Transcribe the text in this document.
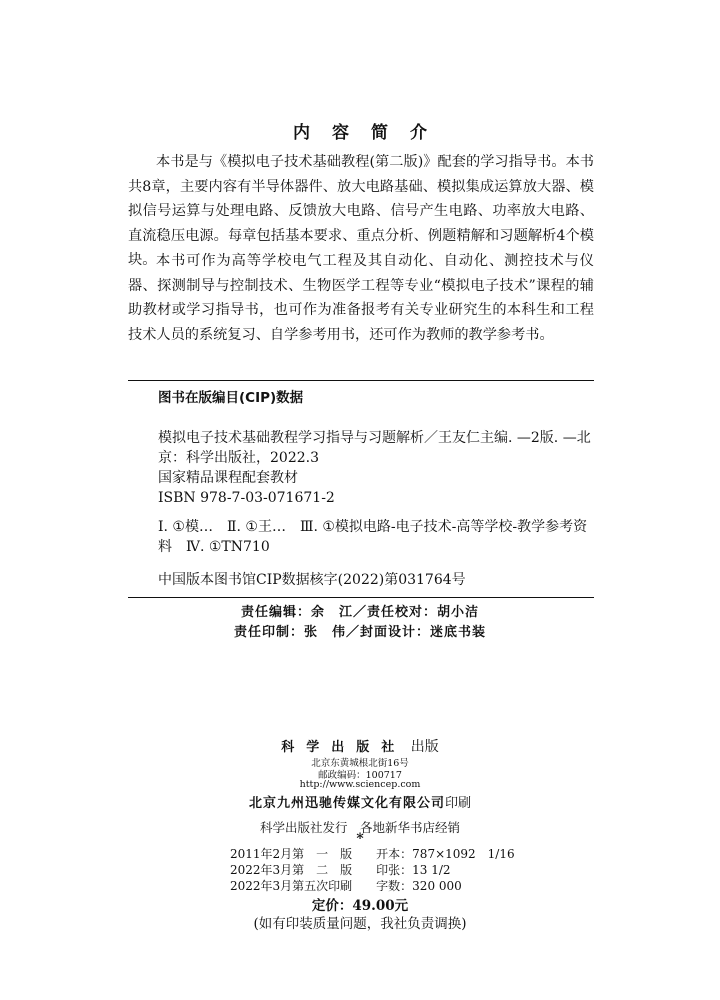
内容简介

本书是与《模拟电子技术基础教程(第二版)》配套的学习指导书。本书共8章，主要内容有半导体器件、放大电路基础、模拟集成运算放大器、模拟信号运算与处理电路、反馈放大电路、信号产生电路、功率放大电路、直流稳压电源。每章包括基本要求、重点分析、例题精解和习题解析4个模块。 本书可作为高等学校电气工程及其自动化、自动化、测控技术与仪器、探测制导与控制技术、生物医学工程等专业“模拟电子技术”课程的辅助教材或学习指导书，也可作为准备报考有关专业研究生的本科生和工程技术人员的系统复习、自学参考用书，还可作为教师的教学参考书。

图书在版编目(CIP)数据

模拟电子技术基础教程学习指导与习题解析／王友仁主编. —2版. —北京：科学出版社，2022.3

国家精品课程配套教材

ISBN 978-7-03-071671-2

Ⅰ. ①模…　Ⅱ. ①王…　Ⅲ. ①模拟电路-电子技术-高等学校-教学参考资料　Ⅳ. ①TN710

中国版本图书馆CIP数据核字(2022)第031764号

责任编辑：余　江／责任校对：胡小洁
责任印制：张　伟／封面设计：迷底书装
科学出版社 出版
北京东黄城根北街16号
邮政编码：100717
http://www.sciencep.com
北京九州迅驰传媒文化有限公司印刷
科学出版社发行　各地新华书店经销
*
2011年2月第　一　版　　开本：787×1092　1/16
2022年3月第　二　版　　印张：13 1/2
2022年3月第五次印刷　　字数：320 000
定价：49.00元
(如有印装质量问题，我社负责调换)
